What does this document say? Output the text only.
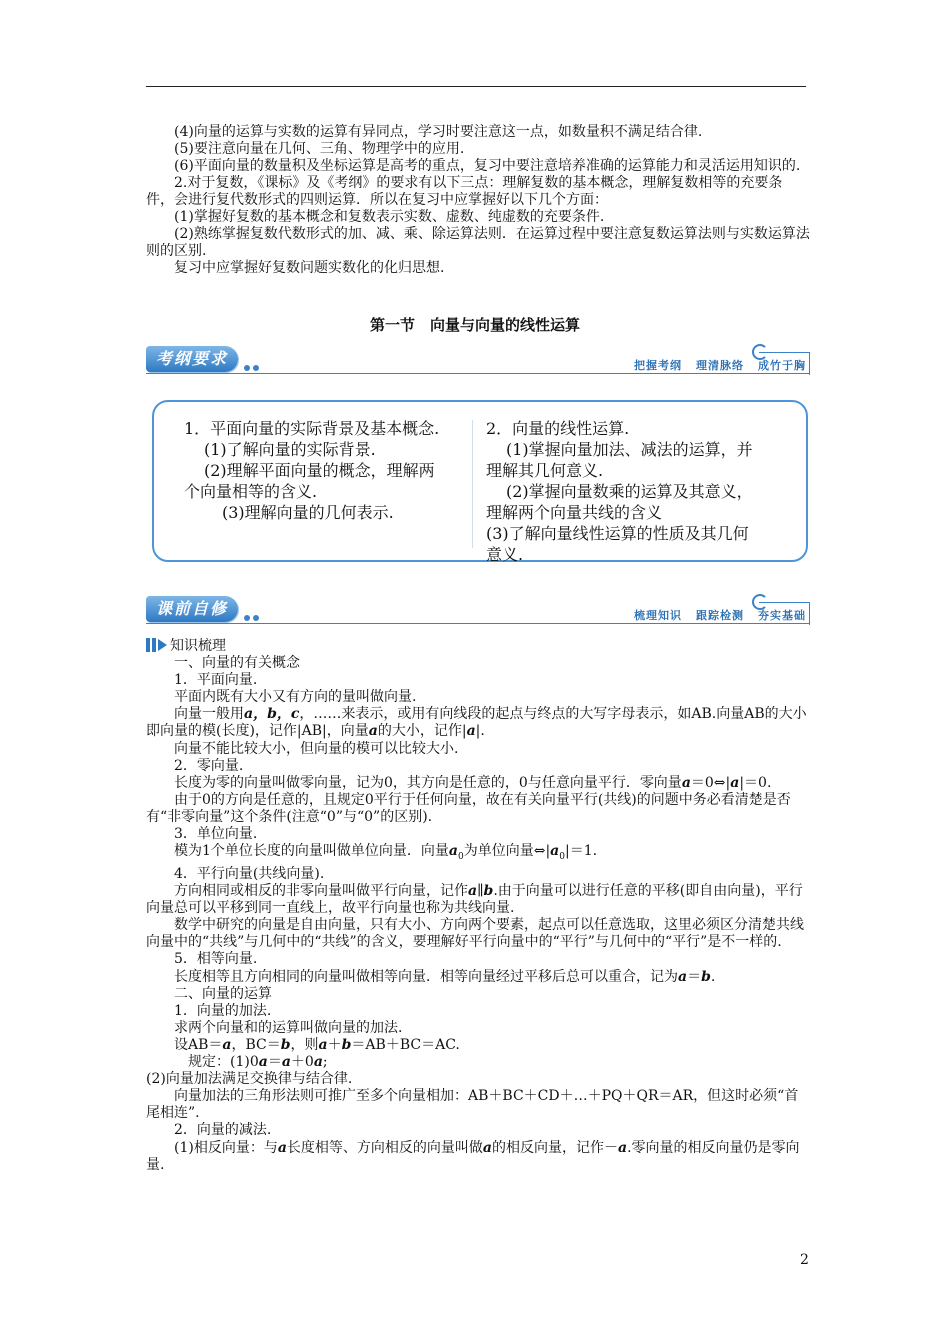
(4)向量的运算与实数的运算有异同点，学习时要注意这一点，如数量积不满足结合律.

(5)要注意向量在几何、三角、物理学中的应用.

(6)平面向量的数量积及坐标运算是高考的重点，复习中要注意培养准确的运算能力和灵活运用知识的.

2.对于复数，《课标》及《考纲》的要求有以下三点：理解复数的基本概念，理解复数相等的充要条件，会进行复代数形式的四则运算．所以在复习中应掌握好以下几个方面：

(1)掌握好复数的基本概念和复数表示实数、虚数、纯虚数的充要条件.

(2)熟练掌握复数代数形式的加、减、乘、除运算法则．在运算过程中要注意复数运算法则与实数运算法则的区别.

复习中应掌握好复数问题实数化的化归思想.

第一节　向量与向量的线性运算
考纲要求	把握考纲 理清脉络 成竹于胸

1．平面向量的实际背景及基本概念.

(1)了解向量的实际背景.

(2)理解平面向量的概念，理解两个向量相等的含义.

(3)理解向量的几何表示.

2．向量的线性运算.

(1)掌握向量加法、减法的运算，并理解其几何意义.

(2)掌握向量数乘的运算及其意义，理解两个向量共线的含义

(3)了解向量线性运算的性质及其几何意义.

课前自修	梳理知识 跟踪检测 夯实基础

知识梳理

一、向量的有关概念

1．平面向量.

平面内既有大小又有方向的量叫做向量.

向量一般用a，b，c，……来表示，或用有向线段的起点与终点的大写字母表示，如AB.向量AB的大小即向量的模(长度)，记作|AB|，向量a的大小，记作|a|.

向量不能比较大小，但向量的模可以比较大小.

2．零向量.

长度为零的向量叫做零向量，记为0，其方向是任意的，0与任意向量平行．零向量a＝0⇔|a|＝0.

由于0的方向是任意的，且规定0平行于任何向量，故在有关向量平行(共线)的问题中务必看清楚是否有“非零向量”这个条件(注意“0”与“0”的区别).

3．单位向量.

模为1个单位长度的向量叫做单位向量．向量$a_0$为单位向量$\Leftrightarrow|a_0|=1$.

4．平行向量(共线向量).

方向相同或相反的非零向量叫做平行向量，记作a∥b.由于向量可以进行任意的平移(即自由向量)，平行向量总可以平移到同一直线上，故平行向量也称为共线向量.

数学中研究的向量是自由向量，只有大小、方向两个要素，起点可以任意选取，这里必须区分清楚共线向量中的“共线”与几何中的“共线”的含义，要理解好平行向量中的“平行”与几何中的“平行”是不一样的.

5．相等向量.

长度相等且方向相同的向量叫做相等向量．相等向量经过平移后总可以重合，记为a＝b.

二、向量的运算

1．向量的加法.

求两个向量和的运算叫做向量的加法.

设AB＝a，BC＝b，则a＋b＝AB＋BC＝AC.

规定：(1)0a＝a＋0a;

(2)向量加法满足交换律与结合律.

向量加法的三角形法则可推广至多个向量相加：AB＋BC＋CD＋…＋PQ＋QR＝AR，但这时必须“首尾相连”.

2．向量的减法.

(1)相反向量：与a长度相等、方向相反的向量叫做a的相反向量，记作－a.零向量的相反向量仍是零向量.

2
